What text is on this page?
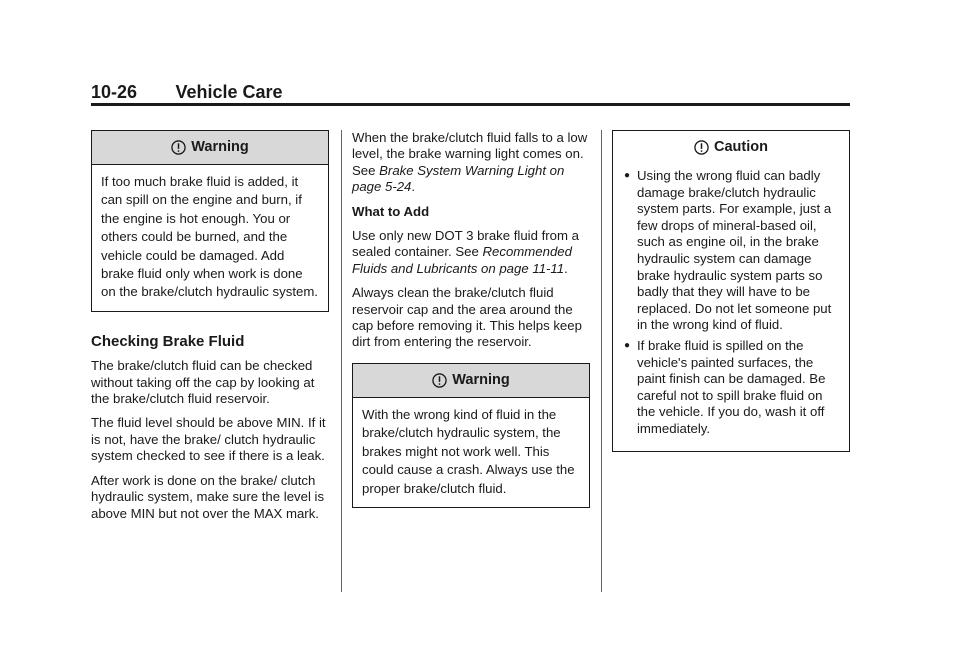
10-26 Vehicle Care
Warning
If too much brake fluid is added, it can spill on the engine and burn, if the engine is hot enough. You or others could be burned, and the vehicle could be damaged. Add brake fluid only when work is done on the brake/clutch hydraulic system.
Checking Brake Fluid

The brake/clutch fluid can be checked without taking off the cap by looking at the brake/clutch fluid reservoir.

The fluid level should be above MIN. If it is not, have the brake/ clutch hydraulic system checked to see if there is a leak.

After work is done on the brake/ clutch hydraulic system, make sure the level is above MIN but not over the MAX mark.

When the brake/clutch fluid falls to a low level, the brake warning light comes on. See Brake System Warning Light on page 5-24.

What to Add

Use only new DOT 3 brake fluid from a sealed container. See Recommended Fluids and Lubricants on page 11-11.

Always clean the brake/clutch fluid reservoir cap and the area around the cap before removing it. This helps keep dirt from entering the reservoir.

Warning
With the wrong kind of fluid in the brake/clutch hydraulic system, the brakes might not work well. This could cause a crash. Always use the proper brake/clutch fluid.
Caution
● Using the wrong fluid can badly damage brake/clutch hydraulic system parts. For example, just a few drops of mineral-based oil, such as engine oil, in the brake hydraulic system can damage brake hydraulic system parts so badly that they will have to be replaced. Do not let someone put in the wrong kind of fluid.
● If brake fluid is spilled on the vehicle's painted surfaces, the paint finish can be damaged. Be careful not to spill brake fluid on the vehicle. If you do, wash it off immediately.
